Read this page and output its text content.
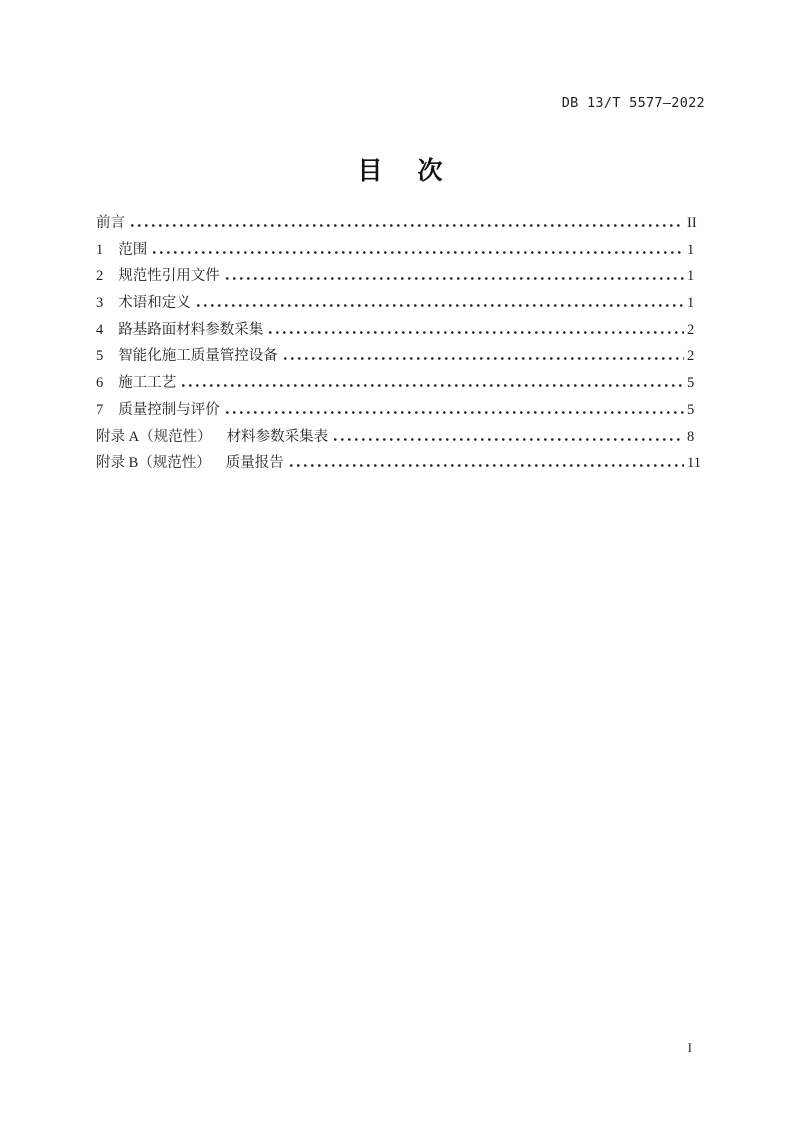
DB 13/T 5577—2022
目　次
前言	II
1 范围	1
2 规范性引用文件	1
3 术语和定义	1
4 路基路面材料参数采集	2
5 智能化施工质量管控设备	2
6 施工工艺	5
7 质量控制与评价	5
附录 A（规范性） 材料参数采集表	8
附录 B（规范性） 质量报告	11
I
